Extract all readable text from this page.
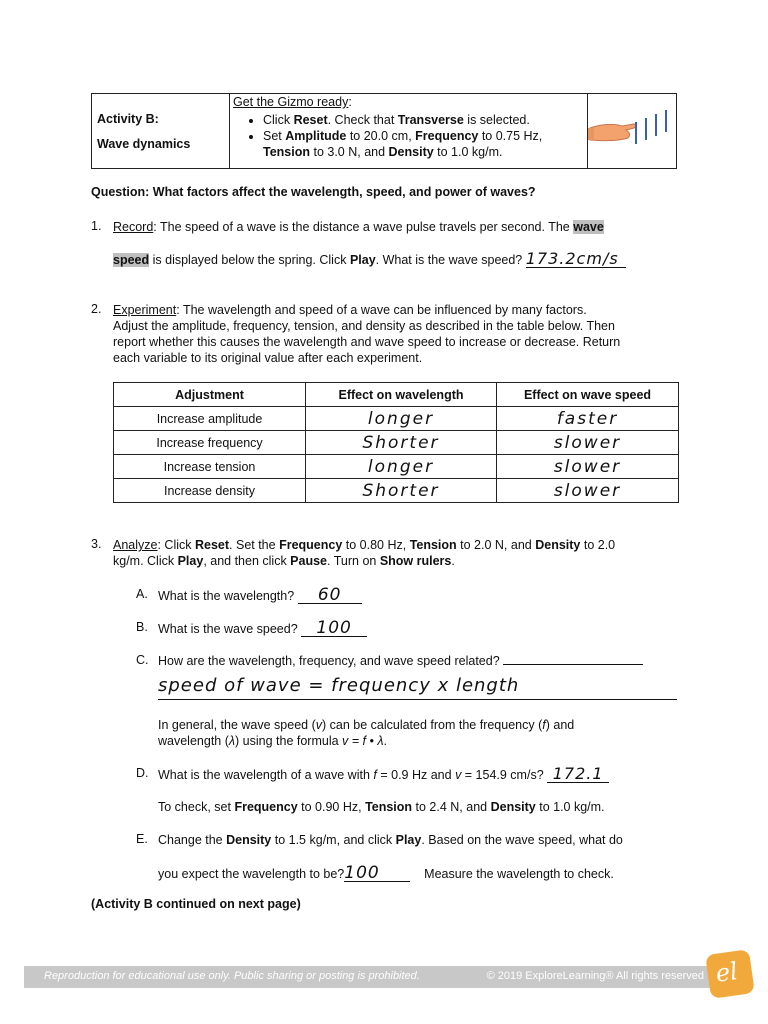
Activity B:
Wave dynamics
Get the Gizmo ready:
• Click Reset. Check that Transverse is selected.
• Set Amplitude to 20.0 cm, Frequency to 0.75 Hz,
Tension to 3.0 N, and Density to 1.0 kg/m.
Question: What factors affect the wavelength, speed, and power of waves?
1. Record: The speed of a wave is the distance a wave pulse travels per second. The wave
speed is displayed below the spring. Click Play. What is the wave speed? 173.2cm/s
2. Experiment: The wavelength and speed of a wave can be influenced by many factors.
Adjust the amplitude, frequency, tension, and density as described in the table below. Then
report whether this causes the wavelength and wave speed to increase or decrease. Return
each variable to its original value after each experiment.
Adjustment	Effect on wavelength	Effect on wave speed
Increase amplitude	longer	faster
Increase frequency	Shorter	slower
Increase tension	longer	slower
Increase density	Shorter	slower
3. Analyze: Click Reset. Set the Frequency to 0.80 Hz, Tension to 2.0 N, and Density to 2.0
kg/m. Click Play, and then click Pause. Turn on Show rulers.
A. What is the wavelength? 60
B. What is the wave speed? 100
C. How are the wavelength, frequency, and wave speed related?
speed of wave = frequency x length
In general, the wave speed (v) can be calculated from the frequency (f) and
wavelength (λ) using the formula v = f • λ.
D. What is the wavelength of a wave with f = 0.9 Hz and v = 154.9 cm/s? 172.1
To check, set Frequency to 0.90 Hz, Tension to 2.4 N, and Density to 1.0 kg/m.
E. Change the Density to 1.5 kg/m, and click Play. Based on the wave speed, what do
you expect the wavelength to be?100	Measure the wavelength to check.
(Activity B continued on next page)
Reproduction for educational use only. Public sharing or posting is prohibited.	© 2019 ExploreLearning® All rights reserved el
